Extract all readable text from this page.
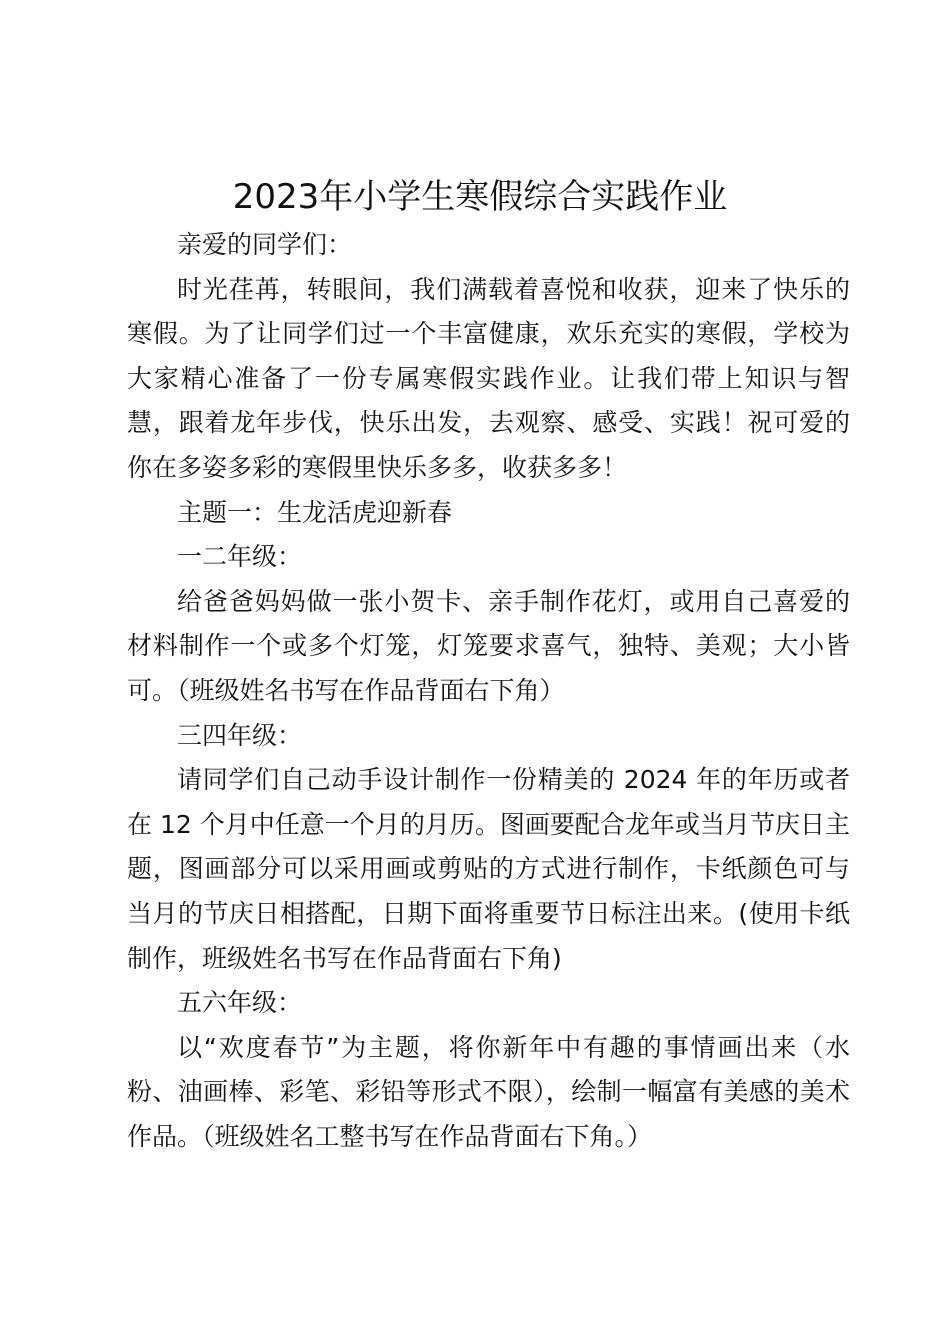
2023年小学生寒假综合实践作业

亲爱的同学们：

时光荏苒，转眼间，我们满载着喜悦和收获，迎来了快乐的寒假。为了让同学们过一个丰富健康，欢乐充实的寒假，学校为大家精心准备了一份专属寒假实践作业。让我们带上知识与智慧，跟着龙年步伐，快乐出发，去观察、感受、实践！祝可爱的你在多姿多彩的寒假里快乐多多，收获多多！

主题一：生龙活虎迎新春

一二年级：

给爸爸妈妈做一张小贺卡、亲手制作花灯，或用自己喜爱的材料制作一个或多个灯笼，灯笼要求喜气，独特、美观；大小皆可。（班级姓名书写在作品背面右下角）

三四年级：

请同学们自己动手设计制作一份精美的 2024 年的年历或者在 12 个月中任意一个月的月历。图画要配合龙年或当月节庆日主题，图画部分可以采用画或剪贴的方式进行制作，卡纸颜色可与当月的节庆日相搭配，日期下面将重要节日标注出来。(使用卡纸制作，班级姓名书写在作品背面右下角)

五六年级：

以“欢度春节”为主题，将你新年中有趣的事情画出来（水粉、油画棒、彩笔、彩铅等形式不限），绘制一幅富有美感的美术作品。（班级姓名工整书写在作品背面右下角。）
